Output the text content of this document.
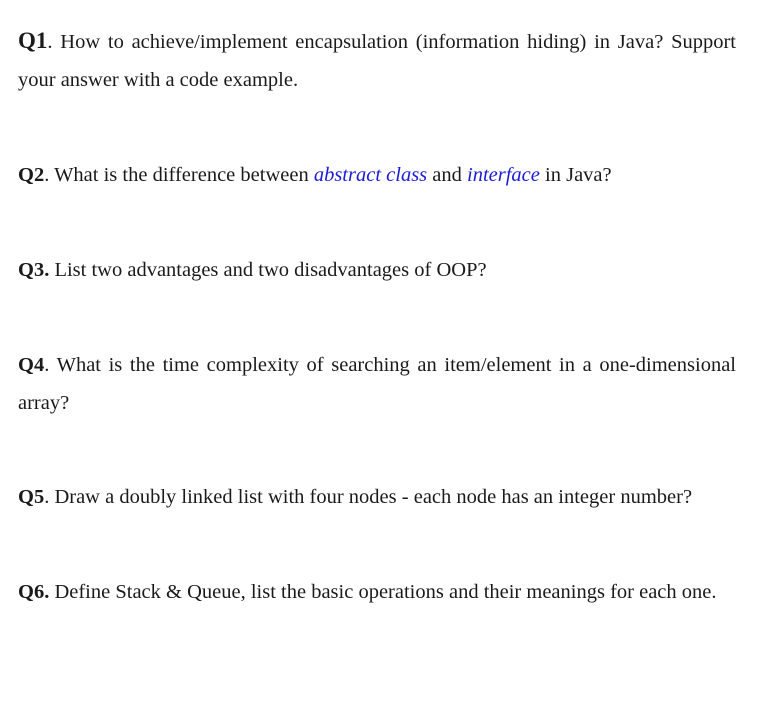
Q1. How to achieve/implement encapsulation (information hiding) in Java? Support your answer with a code example.

Q2. What is the difference between abstract class and interface in Java?

Q3. List two advantages and two disadvantages of OOP?

Q4. What is the time complexity of searching an item/element in a one-dimensional array?

Q5. Draw a doubly linked list with four nodes - each node has an integer number?

Q6. Define Stack & Queue, list the basic operations and their meanings for each one.
